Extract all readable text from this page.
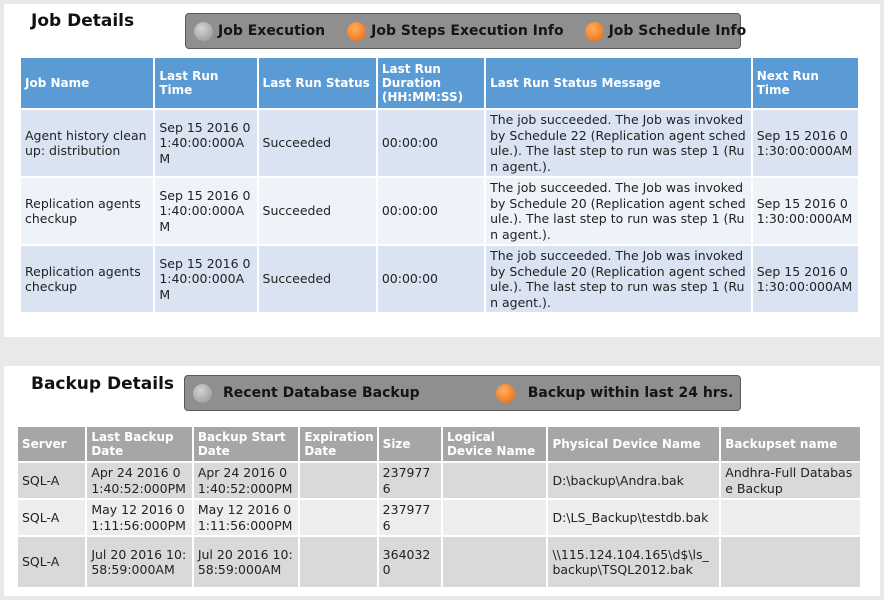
Job Details	Job Execution	Job Steps Execution Info	Job Schedule Info
Job Name	Last Run Time	Last Run Status	Last Run Duration (HH:MM:SS)	Last Run Status Message	Next Run Time
Agent history clean up: distribution	Sep 15 2016 01:40:00:000AM	Succeeded	00:00:00	The job succeeded. The Job was invoked by Schedule 22 (Replication agent schedule.). The last step to run was step 1 (Run agent.).	Sep 15 2016 01:30:00:000AM
Replication agents checkup	Sep 15 2016 01:40:00:000AM	Succeeded	00:00:00	The job succeeded. The Job was invoked by Schedule 20 (Replication agent schedule.). The last step to run was step 1 (Run agent.).	Sep 15 2016 01:30:00:000AM
Replication agents checkup	Sep 15 2016 01:40:00:000AM	Succeeded	00:00:00	The job succeeded. The Job was invoked by Schedule 20 (Replication agent schedule.). The last step to run was step 1 (Run agent.).	Sep 15 2016 01:30:00:000AM
Backup Details	Recent Database Backup	Backup within last 24 hrs.
Server	Last Backup Date	Backup Start Date	Expiration Date	Size	Logical Device Name	Physical Device Name	Backupset name
SQL-A	Apr 24 2016 01:40:52:000PM	Apr 24 2016 01:40:52:000PM		2379776		D:\backup\Andra.bak	Andhra-Full Database Backup
SQL-A	May 12 2016 01:11:56:000PM	May 12 2016 01:11:56:000PM		2379776		D:\LS_Backup\testdb.bak	
SQL-A	Jul 20 2016 10:58:59:000AM	Jul 20 2016 10:58:59:000AM		3640320		\\115.124.104.165\d$\ls_backup\TSQL2012.bak	
